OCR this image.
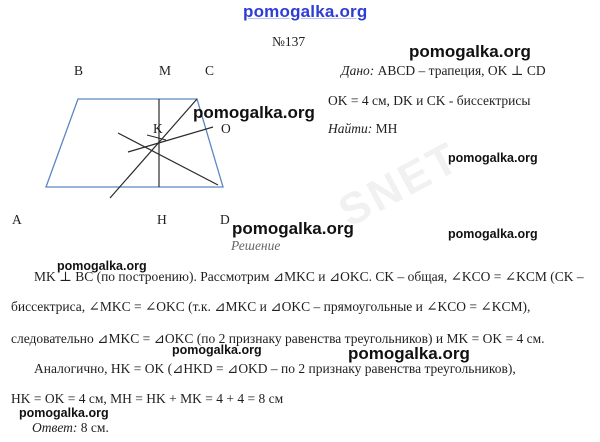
SNET
pomogalka.org
№137
B	M	C
K	O
A	H	D
Дано: ABCD – трапеция, OK ⊥ CD
OK = 4 см, DK и CK - биссектрисы
Найти: MH
pomogalka.org
pomogalka.org
pomogalka.org
pomogalka.org	pomogalka.org
pomogalka.org
pomogalka.org	pomogalka.org
pomogalka.org
Решение
MK ⊥ BC (по построению). Рассмотрим ⊿MKC и ⊿OKC. CK – общая, ∠KCO = ∠KCM (CK –
биссектриса, ∠MKC = ∠OKC (т.к. ⊿MKC и ⊿OKC – прямоугольные и ∠KCO = ∠KCM),
следовательно ⊿MKC = ⊿OKC (по 2 признаку равенства треугольников) и MK = OK = 4 см.
Аналогично, HK = OK (⊿HKD = ⊿OKD – по 2 признаку равенства треугольников),
HK = OK = 4 см, MH = HK + MK = 4 + 4 = 8 см
Ответ: 8 см.
